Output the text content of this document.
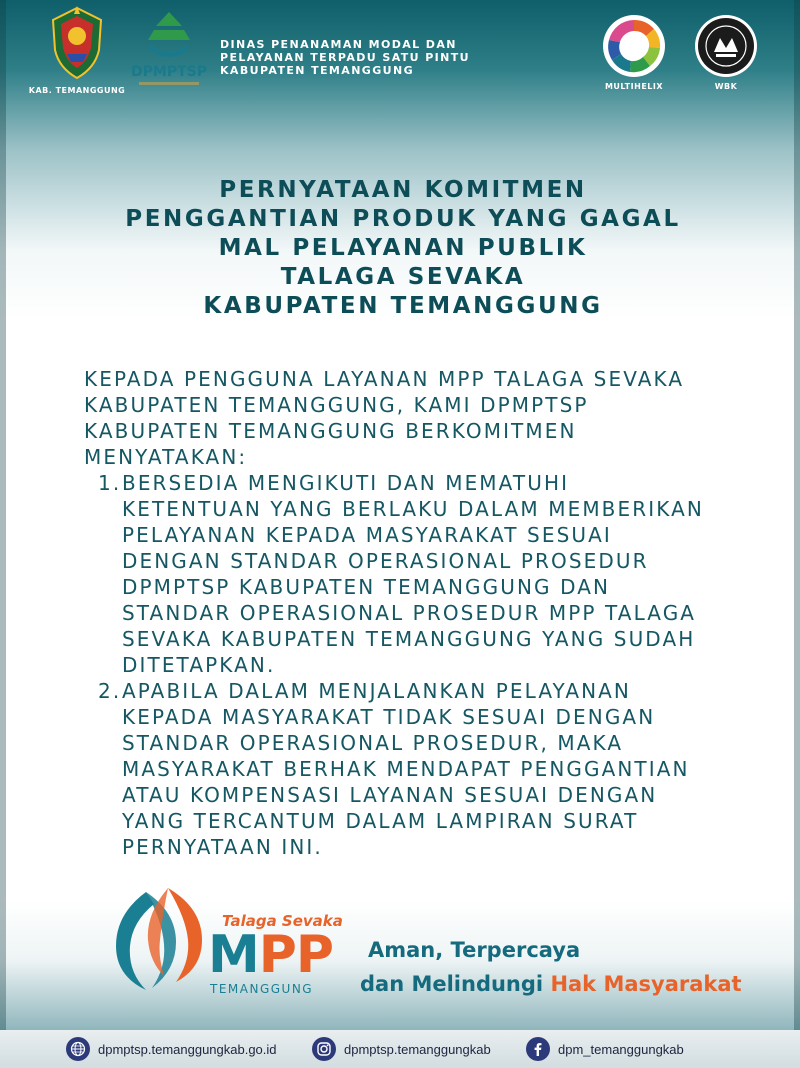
KAB. TEMANGGUNG
DPMPTSP
DINAS PENANAMAN MODAL DAN
PELAYANAN TERPADU SATU PINTU
KABUPATEN TEMANGGUNG
MULTIHELIX	WBK
PERNYATAAN KOMITMEN
PENGGANTIAN PRODUK YANG GAGAL
MAL PELAYANAN PUBLIK
TALAGA SEVAKA
KABUPATEN TEMANGGUNG
KEPADA PENGGUNA LAYANAN MPP TALAGA SEVAKA
KABUPATEN TEMANGGUNG, KAMI DPMPTSP
KABUPATEN TEMANGGUNG BERKOMITMEN
MENYATAKAN:
1. BERSEDIA MENGIKUTI DAN MEMATUHI
KETENTUAN YANG BERLAKU DALAM MEMBERIKAN
PELAYANAN KEPADA MASYARAKAT SESUAI
DENGAN STANDAR OPERASIONAL PROSEDUR
DPMPTSP KABUPATEN TEMANGGUNG DAN
STANDAR OPERASIONAL PROSEDUR MPP TALAGA
SEVAKA KABUPATEN TEMANGGUNG YANG SUDAH
DITETAPKAN.
2. APABILA DALAM MENJALANKAN PELAYANAN
KEPADA MASYARAKAT TIDAK SESUAI DENGAN
STANDAR OPERASIONAL PROSEDUR, MAKA
MASYARAKAT BERHAK MENDAPAT PENGGANTIAN
ATAU KOMPENSASI LAYANAN SESUAI DENGAN
YANG TERCANTUM DALAM LAMPIRAN SURAT
PERNYATAAN INI.
Talaga Sevaka
MPP
TEMANGGUNG
Aman, Terpercaya
dan Melindungi Hak Masyarakat
dpmptsp.temanggungkab.go.id	dpmptsp.temanggungkab	dpm_temanggungkab
